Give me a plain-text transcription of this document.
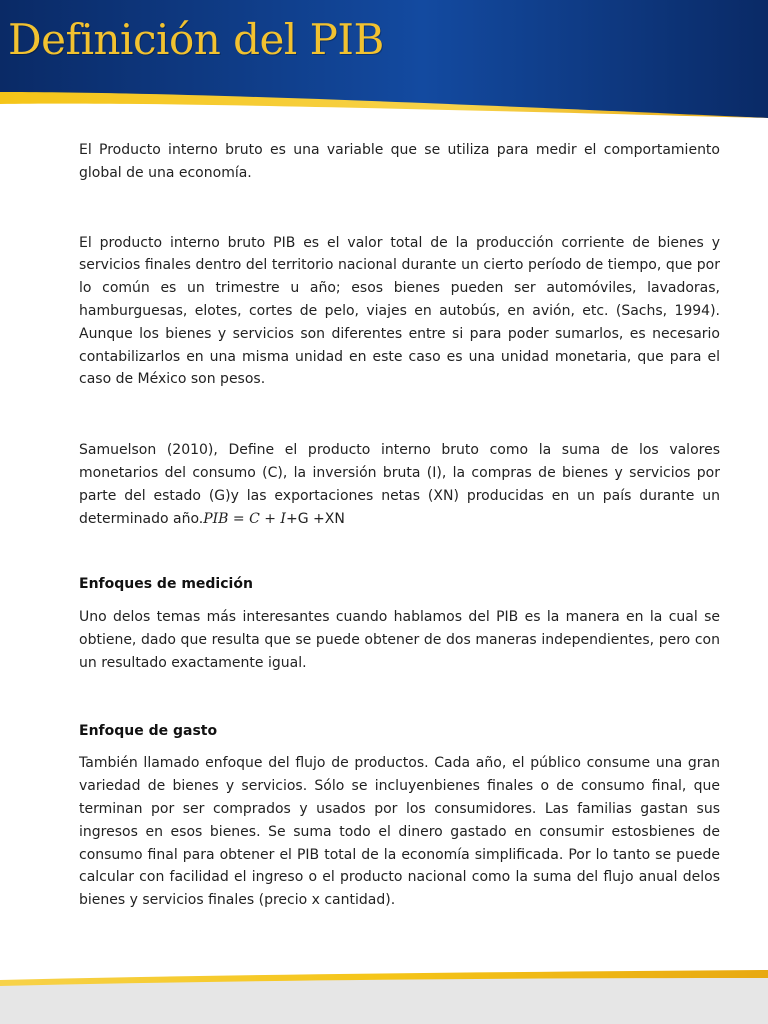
Definición del PIB

El Producto interno bruto es una variable que se utiliza para medir el comportamiento global de una economía.

El producto interno bruto PIB es el valor total de la producción corriente de bienes y servicios finales dentro del territorio nacional durante un cierto período de tiempo, que por lo común es un trimestre u año; esos bienes pueden ser automóviles, lavadoras, hamburguesas, elotes, cortes de pelo, viajes en autobús, en avión, etc. (Sachs, 1994). Aunque los bienes y servicios son diferentes entre si para poder sumarlos, es necesario contabilizarlos en una misma unidad en este caso es una unidad monetaria, que para el caso de México son pesos.

Samuelson (2010), Define el producto interno bruto como la suma de los valores monetarios del consumo (C), la inversión bruta (I), la compras de bienes y servicios por parte del estado (G)y las exportaciones netas (XN) producidas en un país durante un determinado año.PIB = C + I+G +XN

Enfoques de medición

Uno delos temas más interesantes cuando hablamos del PIB es la manera en la cual se obtiene, dado que resulta que se puede obtener de dos maneras independientes, pero con un resultado exactamente igual.

Enfoque de gasto

También llamado enfoque del flujo de productos. Cada año, el público consume una gran variedad de bienes y servicios. Sólo se incluyenbienes finales o de consumo final, que terminan por ser comprados y usados por los consumidores. Las familias gastan sus ingresos en esos bienes. Se suma todo el dinero gastado en consumir estosbienes de consumo final para obtener el PIB total de la economía simplificada. Por lo tanto se puede calcular con facilidad el ingreso o el producto nacional como la suma del flujo anual delos bienes y servicios finales (precio x cantidad).
